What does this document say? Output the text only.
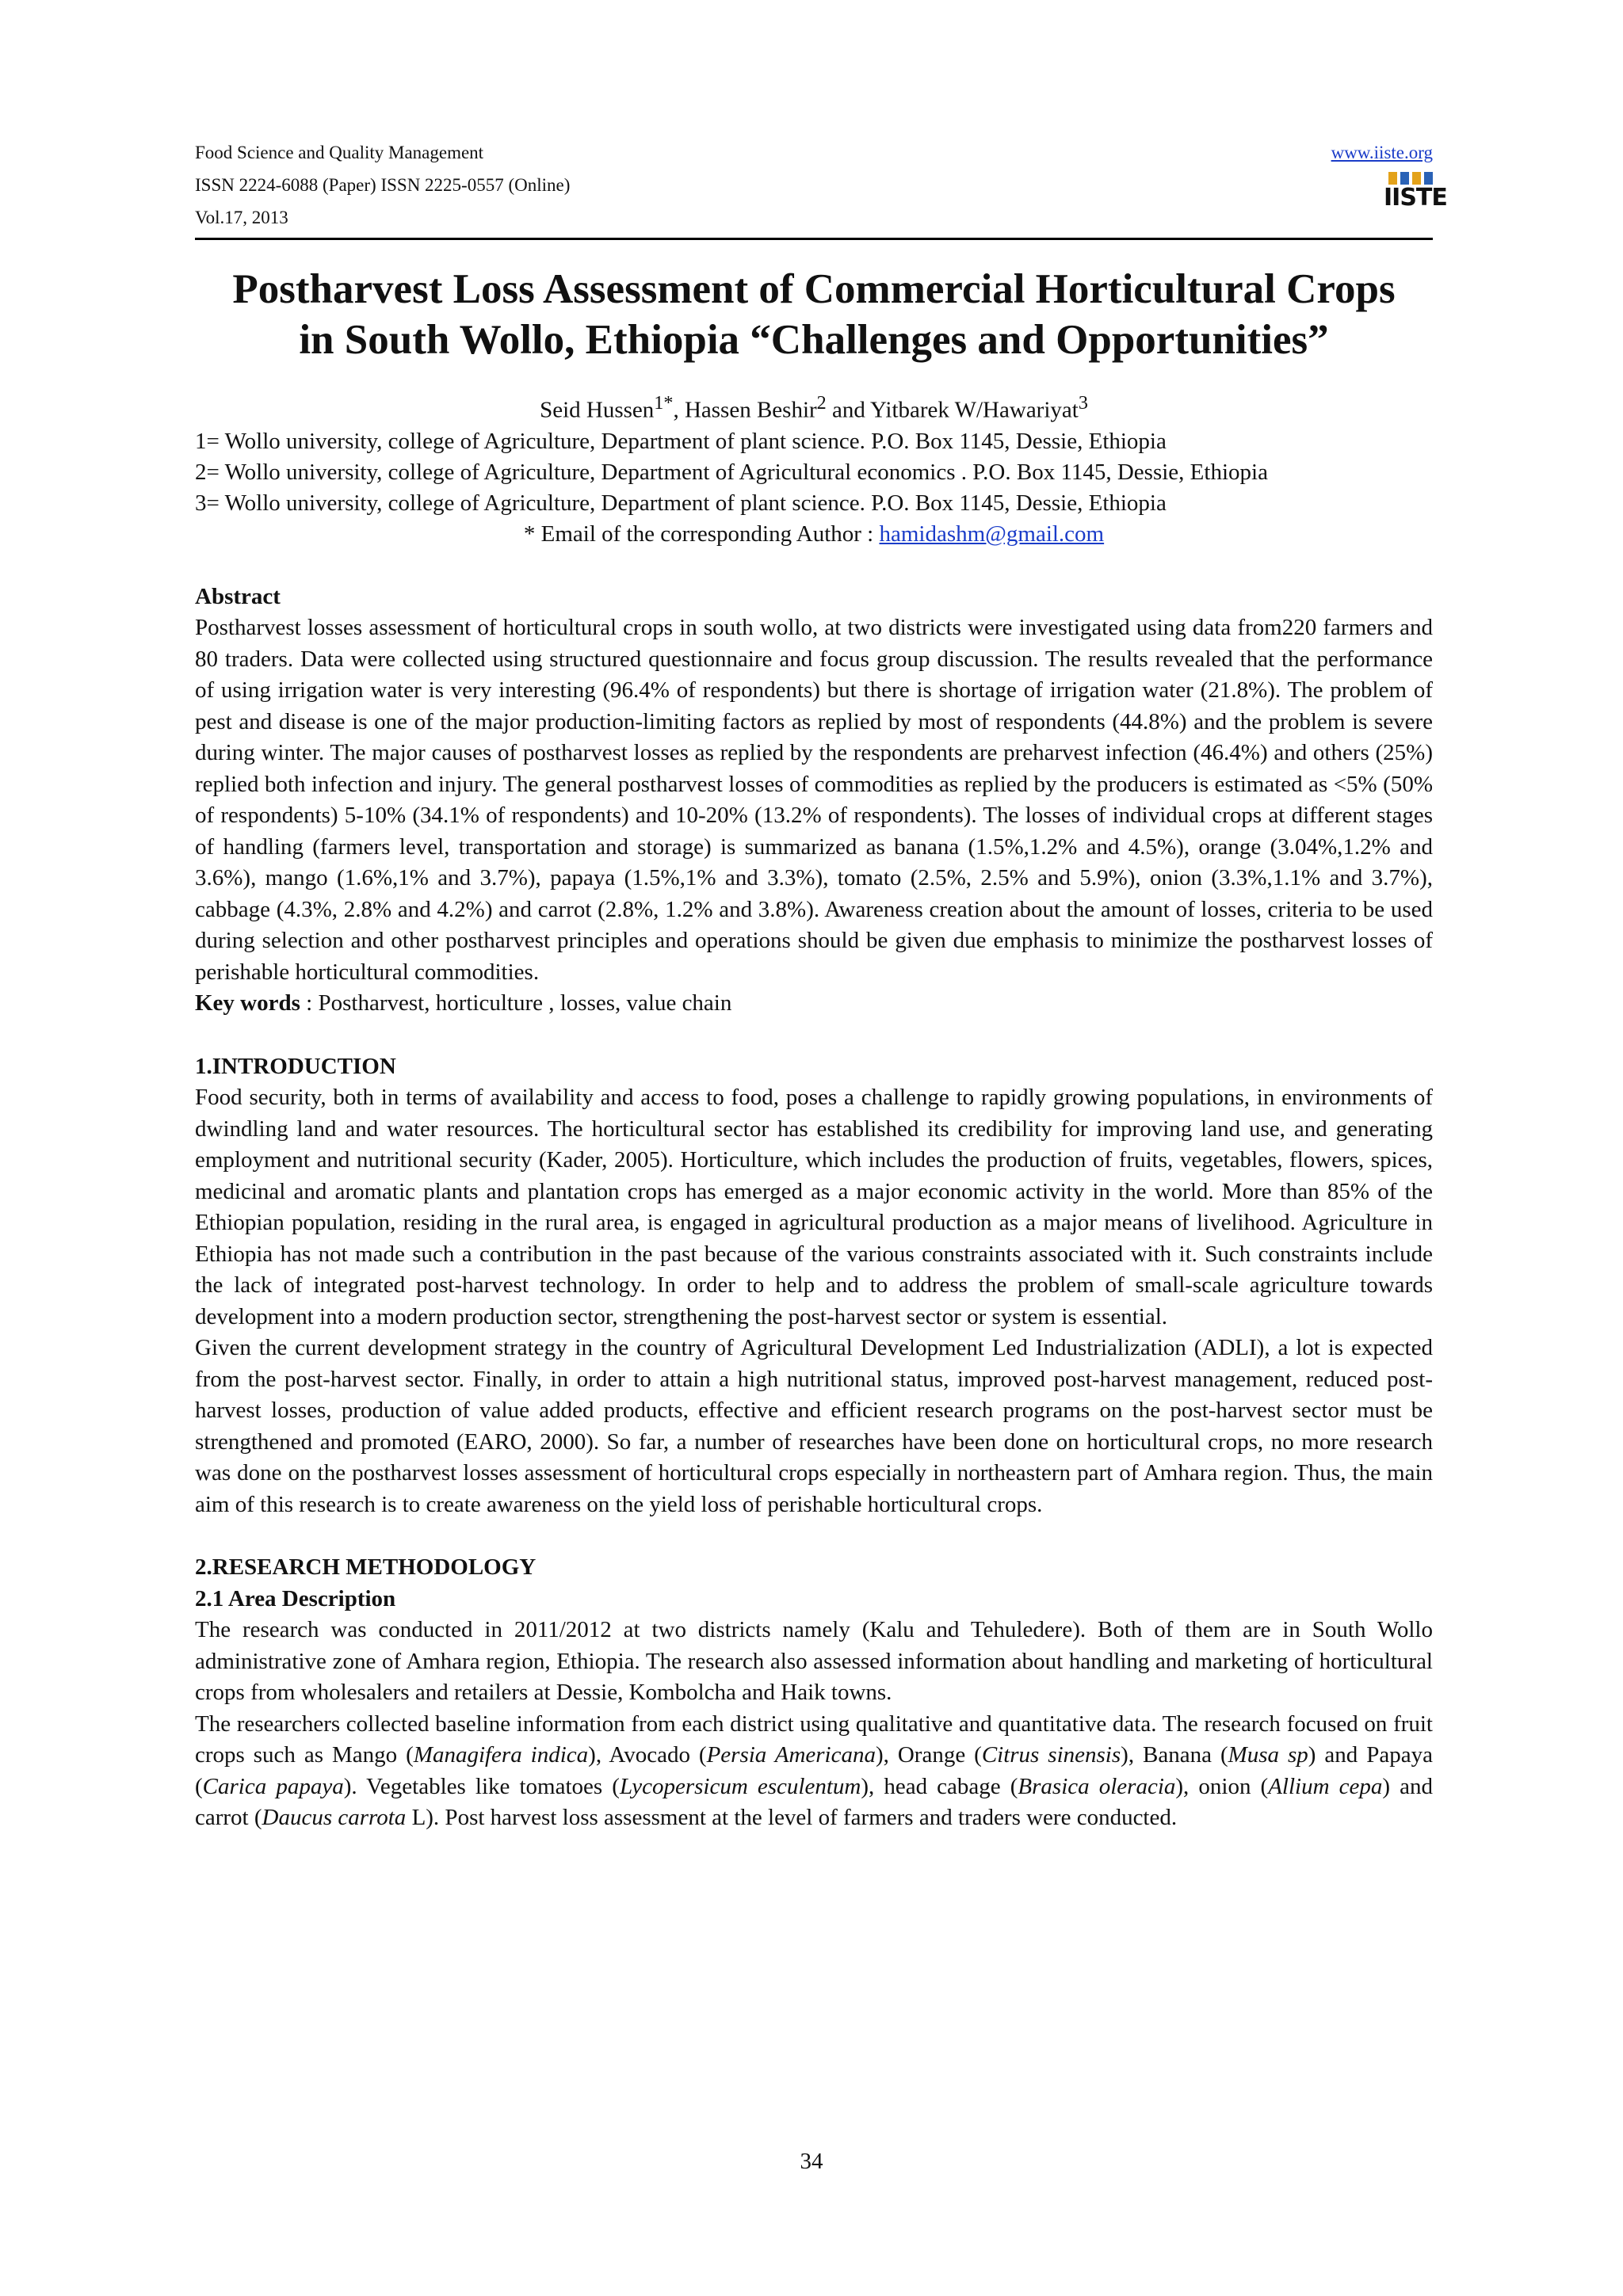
Food Science and Quality Management
ISSN 2224-6088 (Paper) ISSN 2225-0557 (Online)
Vol.17, 2013
www.iiste.org
IISTE
Postharvest Loss Assessment of Commercial Horticultural Crops
in South Wollo, Ethiopia “Challenges and Opportunities”
Seid Hussen$^{1*}$, Hassen Beshir$^2$ and Yitbarek W/Hawariyat$^3$
1= Wollo university, college of Agriculture, Department of plant science. P.O. Box 1145, Dessie, Ethiopia
2= Wollo university, college of Agriculture, Department of Agricultural economics . P.O. Box 1145, Dessie, Ethiopia
3= Wollo university, college of Agriculture, Department of plant science. P.O. Box 1145, Dessie, Ethiopia
* Email of the corresponding Author : hamidashm@gmail.com
Abstract

Postharvest losses assessment of horticultural crops in south wollo, at two districts were investigated using data from220 farmers and 80 traders. Data were collected using structured questionnaire and focus group discussion. The results revealed that the performance of using irrigation water is very interesting (96.4% of respondents) but there is shortage of irrigation water (21.8%). The problem of pest and disease is one of the major production-limiting factors as replied by most of respondents (44.8%) and the problem is severe during winter. The major causes of postharvest losses as replied by the respondents are preharvest infection (46.4%) and others (25%) replied both infection and injury. The general postharvest losses of commodities as replied by the producers is estimated as <5% (50% of respondents) 5-10% (34.1% of respondents) and 10-20% (13.2% of respondents). The losses of individual crops at different stages of handling (farmers level, transportation and storage) is summarized as banana (1.5%,1.2% and 4.5%), orange (3.04%,1.2% and 3.6%), mango (1.6%,1% and 3.7%), papaya (1.5%,1% and 3.3%), tomato (2.5%, 2.5% and 5.9%), onion (3.3%,1.1% and 3.7%), cabbage (4.3%, 2.8% and 4.2%) and carrot (2.8%, 1.2% and 3.8%). Awareness creation about the amount of losses, criteria to be used during selection and other postharvest principles and operations should be given due emphasis to minimize the postharvest losses of perishable horticultural commodities.

Key words : Postharvest, horticulture , losses, value chain

1.INTRODUCTION

Food security, both in terms of availability and access to food, poses a challenge to rapidly growing populations, in environments of dwindling land and water resources. The horticultural sector has established its credibility for improving land use, and generating employment and nutritional security (Kader, 2005). Horticulture, which includes the production of fruits, vegetables, flowers, spices, medicinal and aromatic plants and plantation crops has emerged as a major economic activity in the world. More than 85% of the Ethiopian population, residing in the rural area, is engaged in agricultural production as a major means of livelihood. Agriculture in Ethiopia has not made such a contribution in the past because of the various constraints associated with it. Such constraints include the lack of integrated post-harvest technology. In order to help and to address the problem of small-scale agriculture towards development into a modern production sector, strengthening the post-harvest sector or system is essential.

Given the current development strategy in the country of Agricultural Development Led Industrialization (ADLI), a lot is expected from the post-harvest sector. Finally, in order to attain a high nutritional status, improved post-harvest management, reduced post- harvest losses, production of value added products, effective and efficient research programs on the post-harvest sector must be strengthened and promoted (EARO, 2000). So far, a number of researches have been done on horticultural crops, no more research was done on the postharvest losses assessment of horticultural crops especially in northeastern part of Amhara region. Thus, the main aim of this research is to create awareness on the yield loss of perishable horticultural crops.

2.RESEARCH METHODOLOGY
2.1 Area Description

The research was conducted in 2011/2012 at two districts namely (Kalu and Tehuledere). Both of them are in South Wollo administrative zone of Amhara region, Ethiopia. The research also assessed information about handling and marketing of horticultural crops from wholesalers and retailers at Dessie, Kombolcha and Haik towns.

The researchers collected baseline information from each district using qualitative and quantitative data. The research focused on fruit crops such as Mango (Managifera indica), Avocado (Persia Americana), Orange (Citrus sinensis), Banana (Musa sp) and Papaya (Carica papaya). Vegetables like tomatoes (Lycopersicum esculentum), head cabage (Brasica oleracia), onion (Allium cepa) and carrot (Daucus carrota L). Post harvest loss assessment at the level of farmers and traders were conducted.

34
